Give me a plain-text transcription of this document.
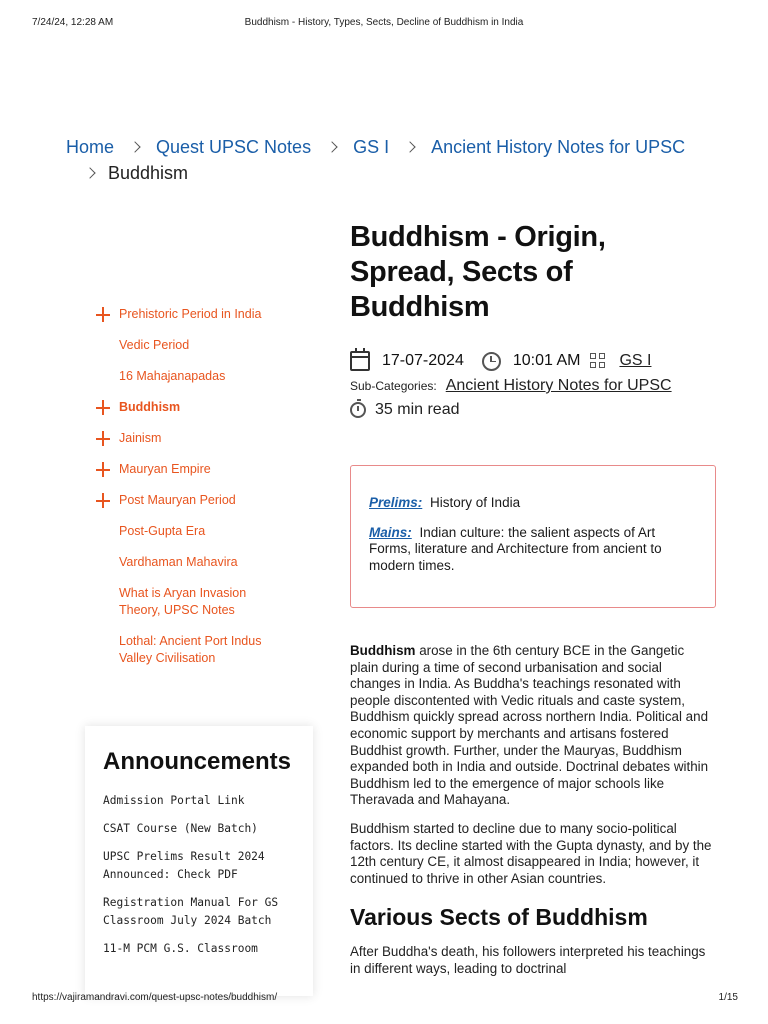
7/24/24, 12:28 AM	Buddhism - History, Types, Sects, Decline of Buddhism in India
Home Quest UPSC Notes GS I Ancient History Notes for UPSC
Buddhism
Prehistoric Period in India
Vedic Period
16 Mahajanapadas
Buddhism
Jainism
Mauryan Empire
Post Mauryan Period
Post-Gupta Era
Vardhaman Mahavira
What is Aryan Invasion Theory, UPSC Notes
Lothal: Ancient Port Indus Valley Civilisation
Announcements
Admission Portal Link
CSAT Course (New Batch)
UPSC Prelims Result 2024 Announced: Check PDF
Registration Manual For GS Classroom July 2024 Batch
11-M PCM G.S. Classroom
Buddhism - Origin, Spread, Sects of Buddhism
17-07-2024	10:01 AM GS I
Sub-Categories: Ancient History Notes for UPSC
35 min read
Prelims: History of India
Mains: Indian culture: the salient aspects of Art Forms, literature and Architecture from ancient to modern times.

Buddhism arose in the 6th century BCE in the Gangetic plain during a time of second urbanisation and social changes in India. As Buddha's teachings resonated with people discontented with Vedic rituals and caste system, Buddhism quickly spread across northern India. Political and economic support by merchants and artisans fostered Buddhist growth. Further, under the Mauryas, Buddhism expanded both in India and outside. Doctrinal debates within Buddhism led to the emergence of major schools like Theravada and Mahayana.

Buddhism started to decline due to many socio-political factors. Its decline started with the Gupta dynasty, and by the 12th century CE, it almost disappeared in India; however, it continued to thrive in other Asian countries.

Various Sects of Buddhism

After Buddha's death, his followers interpreted his teachings in different ways, leading to doctrinal

https://vajiramandravi.com/quest-upsc-notes/buddhism/	1/15
